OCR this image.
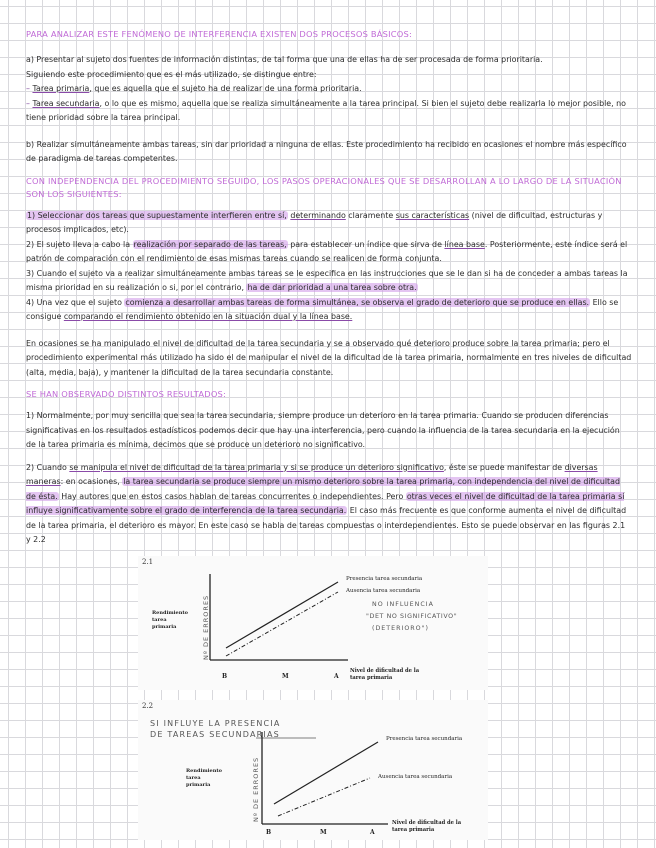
PARA ANALIZAR ESTE FENÓMENO DE INTERFERENCIA EXISTEN DOS PROCESOS BÁSICOS:

a) Presentar al sujeto dos fuentes de información distintas, de tal forma que una de ellas ha de ser procesada de forma prioritaria.
Siguiendo este procedimiento que es el más utilizado, se distingue entre:
– Tarea primaria, que es aquella que el sujeto ha de realizar de una forma prioritaria.
– Tarea secundaria, o lo que es mismo, aquella que se realiza simultáneamente a la tarea principal. Si bien el sujeto debe realizarla lo mejor posible, no tiene prioridad sobre la tarea principal.

b) Realizar simultáneamente ambas tareas, sin dar prioridad a ninguna de ellas. Este procedimiento ha recibido en ocasiones el nombre más específico de paradigma de tareas competentes.

CON INDEPENDENCIA DEL PROCEDIMIENTO SEGUIDO, LOS PASOS OPERACIONALES QUE SE DESARROLLAN A LO LARGO DE LA SITUACIÓN SON LOS SIGUIENTES:

1) Seleccionar dos tareas que supuestamente interfieren entre sí, determinando claramente sus características (nivel de dificultad, estructuras y procesos implicados, etc).
2) El sujeto lleva a cabo la realización por separado de las tareas, para establecer un índice que sirva de línea base. Posteriormente, este índice será el patrón de comparación con el rendimiento de esas mismas tareas cuando se realicen de forma conjunta.
3) Cuando el sujeto va a realizar simultáneamente ambas tareas se le especifica en las instrucciones que se le dan si ha de conceder a ambas tareas la misma prioridad en su realización o si, por el contrario, ha de dar prioridad a una tarea sobre otra.
4) Una vez que el sujeto comienza a desarrollar ambas tareas de forma simultánea, se observa el grado de deterioro que se produce en ellas. Ello se consigue comparando el rendimiento obtenido en la situación dual y la línea base.

En ocasiones se ha manipulado el nivel de dificultad de la tarea secundaria y se a observado qué deterioro produce sobre la tarea primaria; pero el procedimiento experimental más utilizado ha sido el de manipular el nivel de la dificultad de la tarea primaria, normalmente en tres niveles de dificultad (alta, media, baja), y mantener la dificultad de la tarea secundaria constante.

SE HAN OBSERVADO DISTINTOS RESULTADOS:

1) Normalmente, por muy sencilla que sea la tarea secundaria, siempre produce un deterioro en la tarea primaria. Cuando se producen diferencias significativas en los resultados estadísticos podemos decir que hay una interferencia, pero cuando la influencia de la tarea secundaria en la ejecución de la tarea primaria es mínima, decimos que se produce un deterioro no significativo.

2) Cuando se manipula el nivel de dificultad de la tarea primaria y si se produce un deterioro significativo, éste se puede manifestar de diversas maneras: en ocasiones, la tarea secundaria se produce siempre un mismo deterioro sobre la tarea primaria, con independencia del nivel de dificultad de ésta. Hay autores que en estos casos hablan de tareas concurrentes o independientes. Pero otras veces el nivel de dificultad de la tarea primaria sí influye significativamente sobre el grado de interferencia de la tarea secundaria. El caso más frecuente es que conforme aumenta el nivel de dificultad de la tarea primaria, el deterioro es mayor. En este caso se habla de tareas compuestas o interdependientes. Esto se puede observar en las figuras 2.1 y 2.2

2.1
Presencia tarea secundaria
Ausencia tarea secundaria
Rendimiento
tarea
primaria	Nº DE ERRORES
B	M	A
Nivel de dificultad de la
tarea primaria
NO INFLUENCIA
"DET NO SIGNIFICATIVO"
(DETERIORO")
2.2
SI INFLUYE LA PRESENCIA
DE TAREAS SECUNDARIAS	Presencia tarea secundaria
Ausencia tarea secundaria
Rendimiento
tarea
primaria	Nº DE ERRORES
B	M	A
Nivel de dificultad de la
tarea primaria
